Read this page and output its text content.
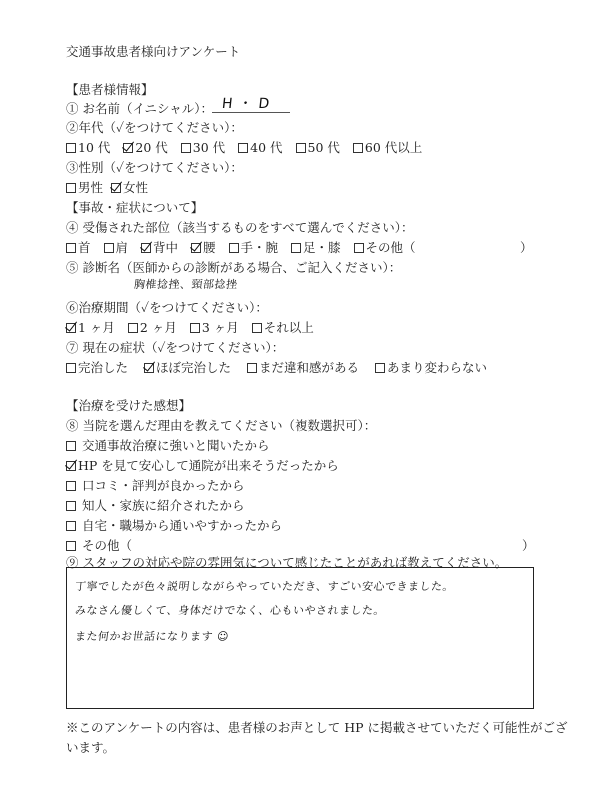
交通事故患者様向けアンケート
【患者様情報】
① お名前（イニシャル）： H・D
②年代（✓をつけてください）：
10 代 20 代 30 代 40 代 50 代 60 代以上
③性別（✓をつけてください）：
男性 女性
【事故・症状について】
④ 受傷された部位（該当するものをすべて選んでください）：
首 肩 背中 腰 手・腕 足・膝 その他（	）
⑤ 診断名（医師からの診断がある場合、ご記入ください）：
胸椎捻挫、頸部捻挫
⑥治療期間（✓をつけてください）：
1 ヶ月 2 ヶ月 3 ヶ月 それ以上
⑦ 現在の症状（✓をつけてください）：
完治した ほぼ完治した まだ違和感がある あまり変わらない
【治療を受けた感想】
⑧ 当院を選んだ理由を教えてください（複数選択可）：
交通事故治療に強いと聞いたから
HP を見て安心して通院が出来そうだったから
口コミ・評判が良かったから
知人・家族に紹介されたから
自宅・職場から通いやすかったから
その他（	）
⑨ スタッフの対応や院の雰囲気について感じたことがあれば教えてください。
丁寧でしたが色々説明しながらやっていただき、すごい安心できました。
みなさん優しくて、身体だけでなく、心もいやされました。
また何かお世話になります ☺
※このアンケートの内容は、患者様のお声として HP に掲載させていただく可能性がござ
います。
